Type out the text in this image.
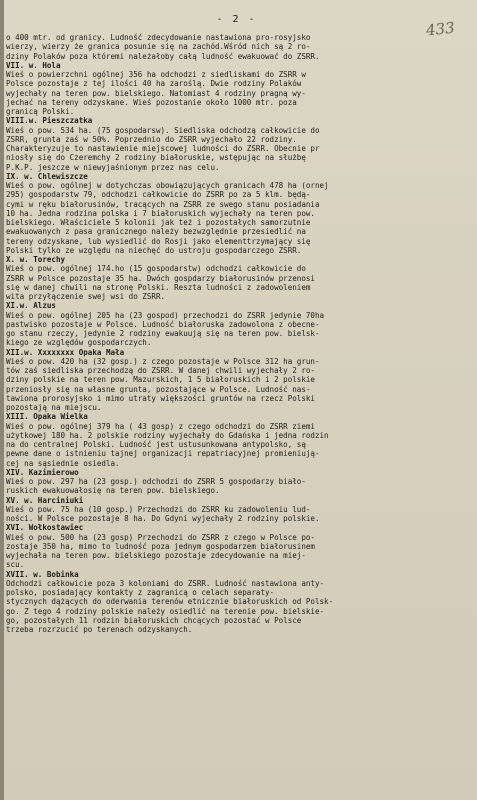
- 2 -	433
o 400 mtr. od granicy. Ludność zdecydowanie nastawiona pro-rosyjsko
wierzy, wierzy że granica posunie się na zachód.Wśród nich są 2 ro-
dziny Polaków poza któremi należałoby całą ludność ewakuować do ZSRR.
VII. w. Hola
Wieś o powierzchni ogólnej 356 ha odchodzi z siedliskami do ZSRR w
Polsce pozostaje z tej ilości 40 ha zaroślą. Dwie rodziny Polaków
wyjechały na teren pow. bielskiego. Natomiast 4 rodziny pragną wy-
jechać na tereny odzyskane. Wieś pozostanie około 1000 mtr. poza
granicą Polski.
VIII.w. Pieszczatka
Wieś o pow. 534 ha. (75 gospodarsw). Siedliska odchodzą całkowicie do
ZSRR, grunta zaś w 50%. Poprzednio do ZSRR wyjechało 22 rodziny.
Charakteryzuje to nastawienie miejscowej ludności do ZSRR. Obecnie pr
niosły się do Czeremchy 2 rodziny białoruskie, wstępując na służbę
P.K.P. jeszcze w niewyjaśnionym przez nas celu.
IX. w. Chlewiszcze
Wieś o pow. ogólnej w dotychczas obowiązujących granicach 478 ha (ornej
295) gospodarstw 79, odchodzi całkowicie do ZSRR po za 5 klm. będą-
cymi w ręku białorusinów, tracących na ZSRR ze swego stanu posiadania
10 ha. Jedna rodzina polska i 7 białoruskich wyjechały na teren pow.
bielskiego. Właściciele 5 kolonii jak też i pozostałych samorzutnie
ewakuowanych z pasa granicznego należy bezwzględnie przesiedlić na
tereny odzyskane, lub wysiedlić do Rosji jako elementtrzymający się
Polski tylko ze względu na niechęć do ustroju gospodarczego ZSRR.
X. w. Torechy
Wieś o pow. ogólnej 174.ho (15 gospodarstw) odchodzi całkowicie do
ZSRR w Polsce pozostaje 35 ha. Dwóch gospdarzy białorusinów przenosi
się w danej chwili na stronę Polski. Reszta ludności z zadowoleniem
wita przyłączenie swej wsi do ZSRR.
XI.w. Alzus
Wieś o pow. ogólnej 205 ha (23 gospod) przechodzi do ZSRR jedynie 70ha
pastwisko pozostaje w Polsce. Ludność białoruska zadowolona z obecne-
go stanu rzeczy, jedynie 2 rodziny ewakuują się na teren pow. bielsk-
kiego ze względów gospodarczych.
XII.w. Xxxxxxxx Opaka Mała
Wieś o pow. 420 ha (32 gosp.) z czego pozostaje w Polsce 312 ha grun-
tów zaś siedliska przechodzą do ZSRR. W danej chwili wyjechały 2 ro-
dziny polskie na teren pow. Mazurskich, 1 5 białoruskich i 2 polskie
przeniosły się na własne grunta, pozostające w Polsce. Ludność nas-
tawiona prorosyjsko i mimo utraty większości gruntów na rzecz Polski
pozostają na miejscu.
XIII. Opaka Wielka
Wieś o pow. ogólnej 379 ha ( 43 gosp) z czego odchodzi do ZSRR ziemi
użytkowej 180 ha. 2 polskie rodziny wyjechały do Gdańska i jedna rodzin
na do centralnej Polski. Ludność jest ustusunkowana antypolsko, są
pewne dane o istnieniu tajnej organizacji repatriacyjnej promieniują-
cej na sąsiednie osiedla.
XIV. Kazimierowo
Wieś o pow. 297 ha (23 gosp.) odchodzi do ZSRR 5 gospodarzy biało-
ruskich ewakuowałosię na teren pow. bielskiego.
XV. w. Harciniuki
Wieś o pow. 75 ha (10 gosp.) Przechodzi do ZSRR ku zadowoleniu lud-
ności. W Polsce pozostaje 8 ha. Do Gdyni wyjechały 2 rodziny polskie.
XVI. Wołkostawiec
Wieś o pow. 500 ha (23 gosp) Przechodzi do ZSRR z czego w Polsce po-
zostaje 350 ha, mimo to ludność poza jednym gospodarzem białorusinem
wyjechała na teren pow. bielskiego pozostaje zdecydowanie na miej-
scu.
XVII. w. Bobinka
Odchodzi całkowicie poza 3 koloniami do ZSRR. Ludność nastawiona anty-
polsko, posiadający kontakty z zagranicą o celach separaty-
stycznych dążących do oderwania terenów etnicznie białoruskich od Polsk-
go. Z tego 4 rodziny polskie należy osiedlić na terenie pow. bielskie-
go, pozostałych 11 rodzin białoruskich chcących pozostać w Polsce
trzeba rozrzucić po terenach odzyskanych.
